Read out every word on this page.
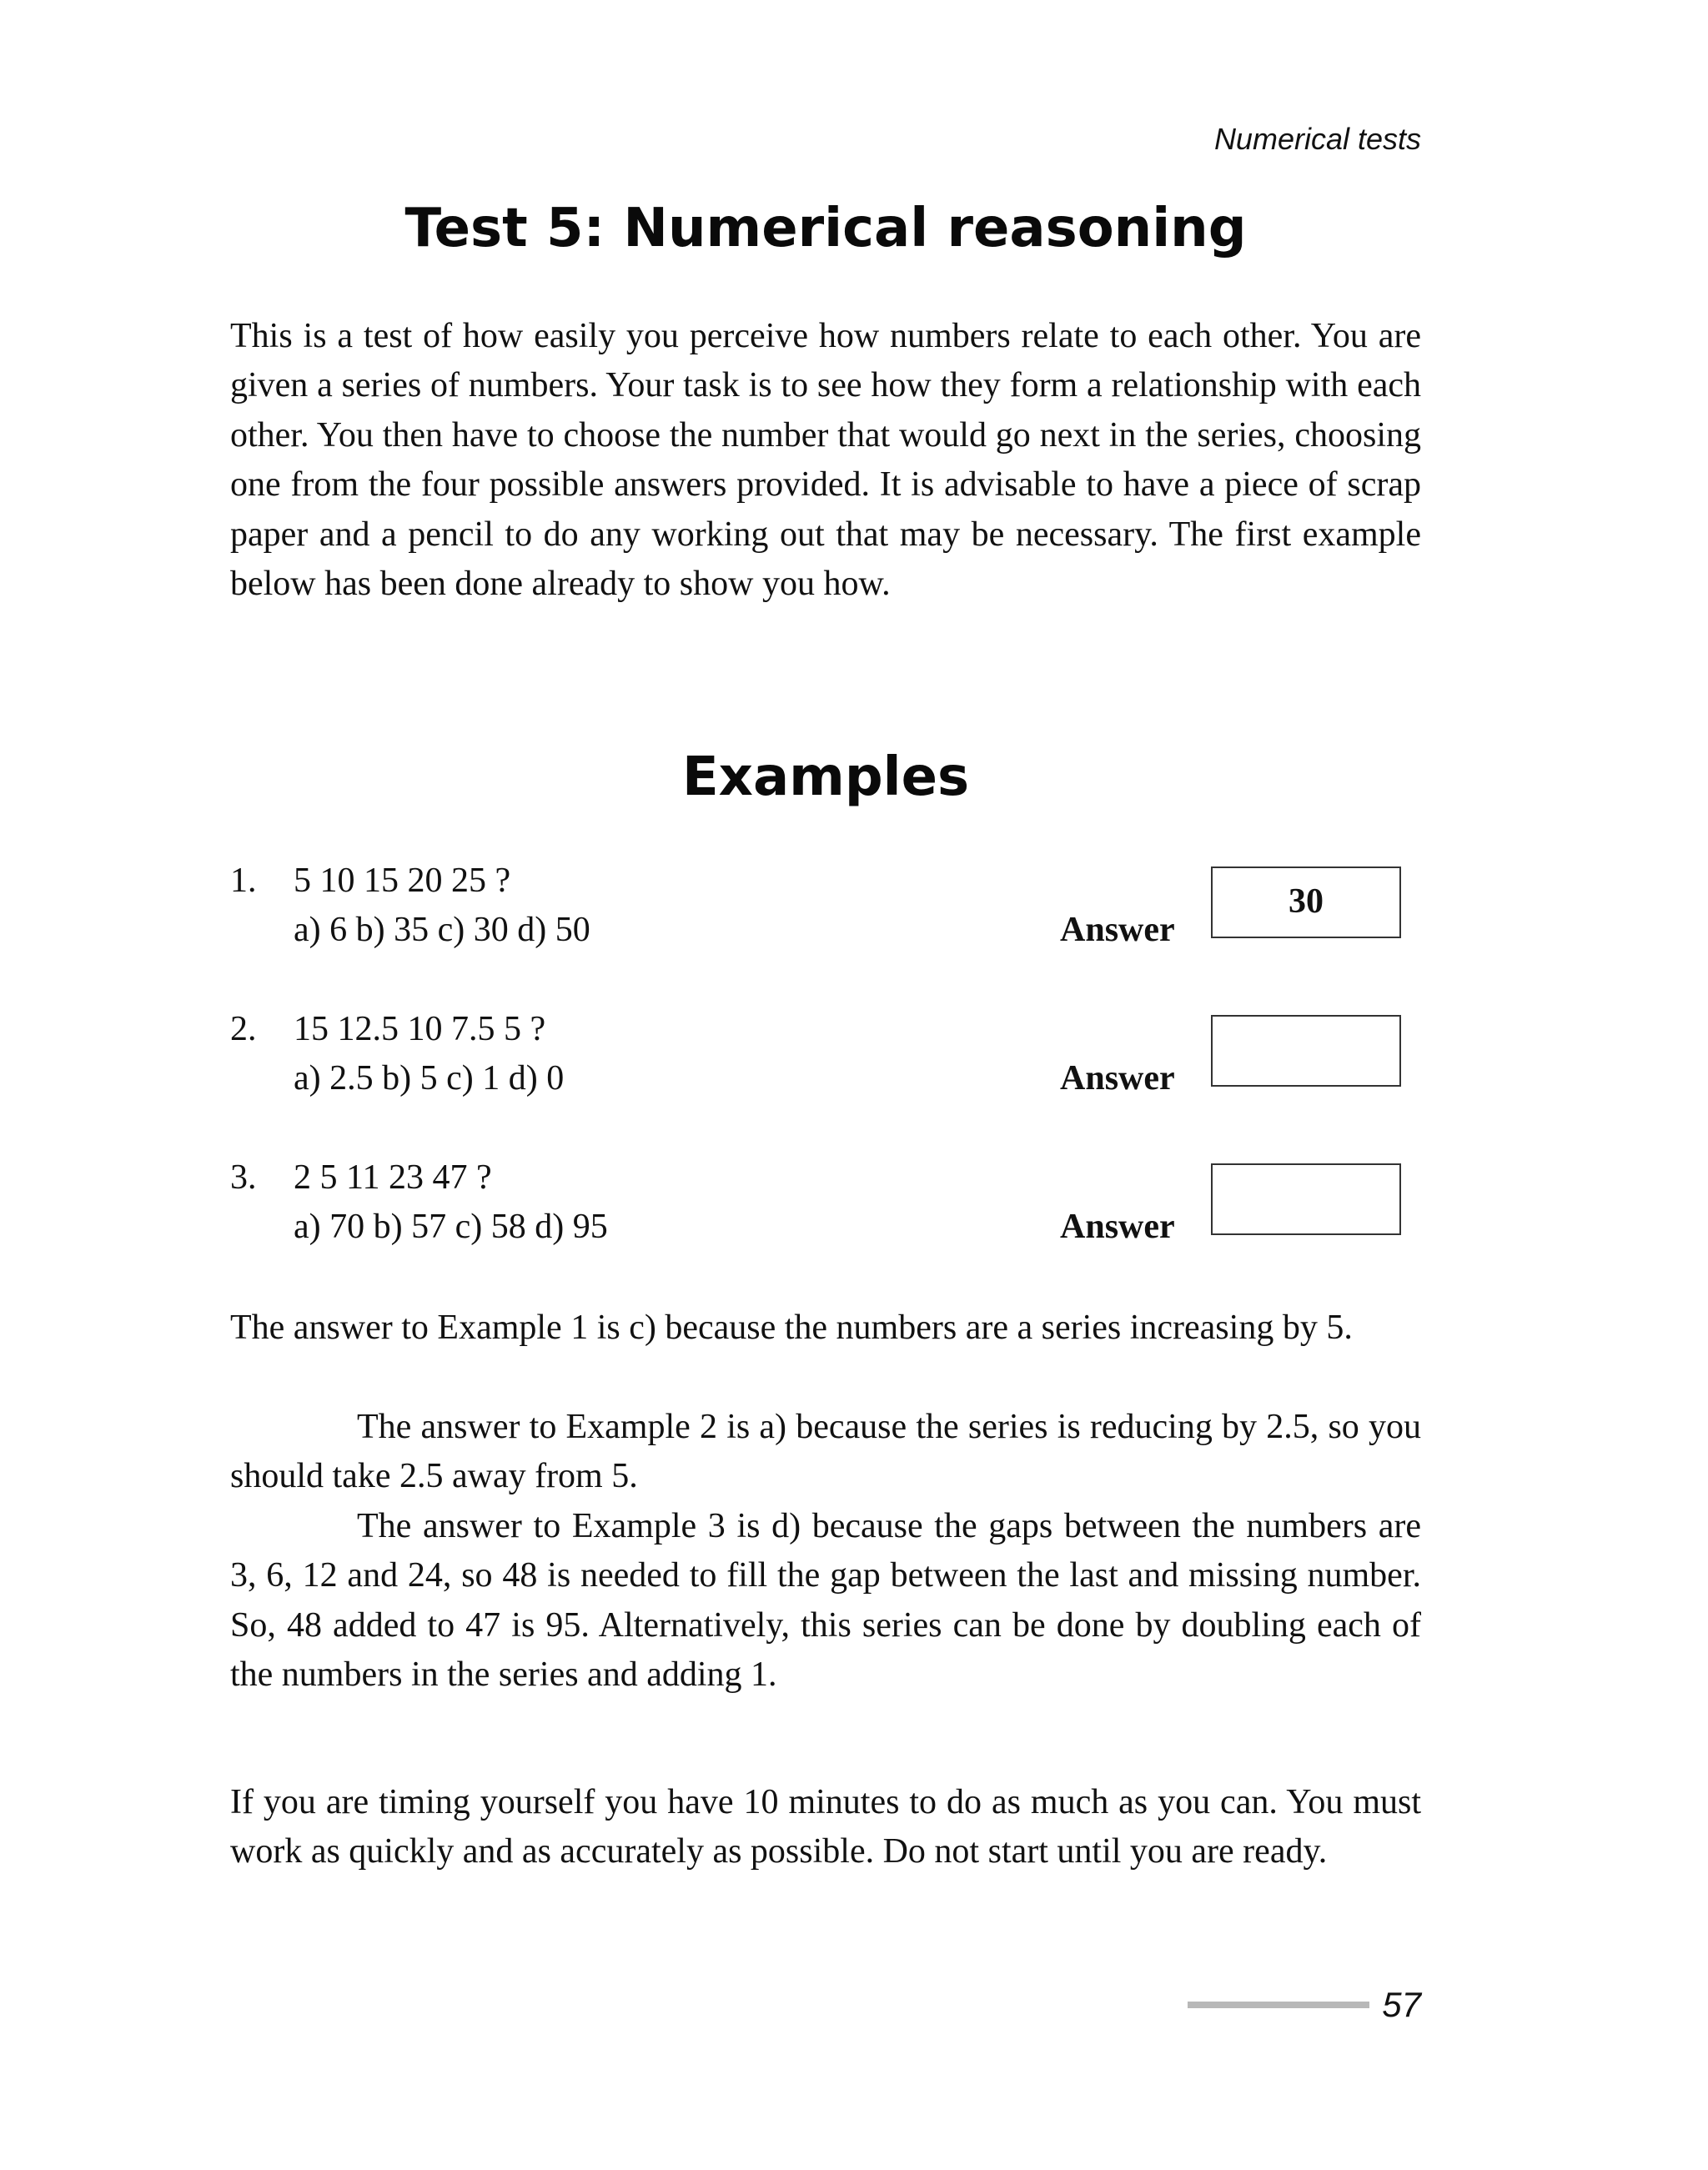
Numerical tests
Test 5: Numerical reasoning

This is a test of how easily you perceive how numbers relate to each other. You are given a series of numbers. Your task is to see how they form a relationship with each other. You then have to choose the number that would go next in the series, choosing one from the four possible answers provided. It is advisable to have a piece of scrap paper and a pencil to do any working out that may be necessary. The first example below has been done already to show you how.

Examples
1. 5 10 15 20 25 ?
a) 6 b) 35 c) 30 d) 50	Answer
30
2. 15 12.5 10 7.5 5 ?
a) 2.5 b) 5 c) 1 d) 0	Answer
3. 2 5 11 23 47 ?
a) 70 b) 57 c) 58 d) 95	Answer

The answer to Example 1 is c) because the numbers are a series increasing by 5.

The answer to Example 2 is a) because the series is reducing by 2.5, so you should take 2.5 away from 5.

The answer to Example 3 is d) because the gaps between the numbers are 3, 6, 12 and 24, so 48 is needed to fill the gap between the last and missing number. So, 48 added to 47 is 95. Alternatively, this series can be done by doubling each of the numbers in the series and adding 1.

If you are timing yourself you have 10 minutes to do as much as you can. You must work as quickly and as accurately as possible. Do not start until you are ready.

57
